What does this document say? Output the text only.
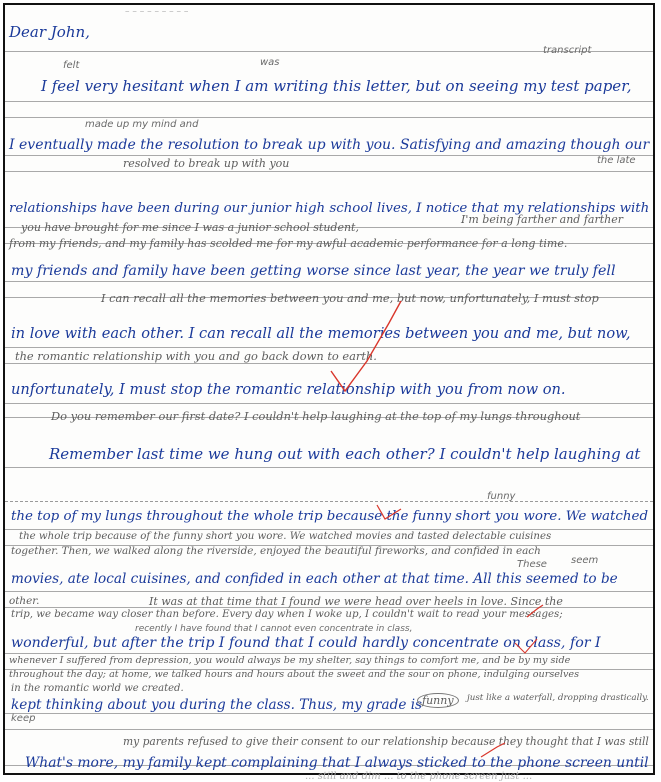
– – – – – – – – –
Dear John,
felt	was
transcript
I feel very hesitant when I am writing this letter, but on seeing my test paper,
made up my mind and
I eventually made the resolution to break up with you. Satisfying and amazing though our
resolved to break up with you	the late
relationships have been during our junior high school lives, I notice that my relationships with
you have brought for me since I was a junior school student,
I'm being farther and farther
from my friends, and my family has scolded me for my awful academic performance for a long time.
my friends and family have been getting worse since last year, the year we truly fell
I can recall all the memories between you and me, but now, unfortunately, I must stop
in love with each other. I can recall all the memories between you and me, but now,
the romantic relationship with you and go back down to earth.
unfortunately, I must stop the romantic relationship with you from now on.
Do you remember our first date? I couldn't help laughing at the top of my lungs throughout
Remember last time we hung out with each other? I couldn't help laughing at
funny
the top of my lungs throughout the whole trip because the funny short you wore. We watched
the whole trip because of the funny short you wore. We watched movies and tasted delectable cuisines
together. Then, we walked along the riverside, enjoyed the beautiful fireworks, and confided in each
These seem
movies, ate local cuisines, and confided in each other at that time. All this seemed to be
other.	It was at that time that I found we were head over heels in love. Since the
trip, we became way closer than before. Every day when I woke up, I couldn't wait to read your messages;
recently I have found that I cannot even concentrate in class,
wonderful, but after the trip I found that I could hardly concentrate on class, for I
whenever I suffered from depression, you would always be my shelter, say things to comfort me, and be by my side
throughout the day; at home, we talked hours and hours about the sweet and the sour on phone, indulging ourselves
in the romantic world we created.
keep
kept thinking about you during the class. Thus, my grade is funny	just like a waterfall, dropping drastically.
my parents refused to give their consent to our relationship because they thought that I was still
What's more, my family kept complaining that I always sticked to the phone screen until
... still and dim ... to the phone screen just ...
